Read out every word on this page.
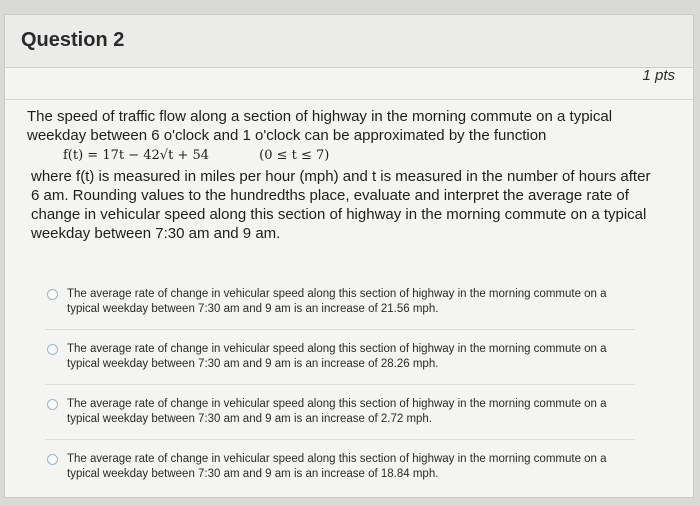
Question 2
1 pts

The speed of traffic flow along a section of highway in the morning commute on a typical weekday between 6 o'clock and 1 o'clock can be approximated by the function

f(t) = 17t − 42√t + 54	(0 ≤ t ≤ 7)

where f(t) is measured in miles per hour (mph) and t is measured in the number of hours after 6 am. Rounding values to the hundredths place, evaluate and interpret the average rate of change in vehicular speed along this section of highway in the morning commute on a typical weekday between 7:30 am and 9 am.

The average rate of change in vehicular speed along this section of highway in the morning commute on a typical weekday between 7:30 am and 9 am is an increase of 21.56 mph.
The average rate of change in vehicular speed along this section of highway in the morning commute on a typical weekday between 7:30 am and 9 am is an increase of 28.26 mph.
The average rate of change in vehicular speed along this section of highway in the morning commute on a typical weekday between 7:30 am and 9 am is an increase of 2.72 mph.
The average rate of change in vehicular speed along this section of highway in the morning commute on a typical weekday between 7:30 am and 9 am is an increase of 18.84 mph.
